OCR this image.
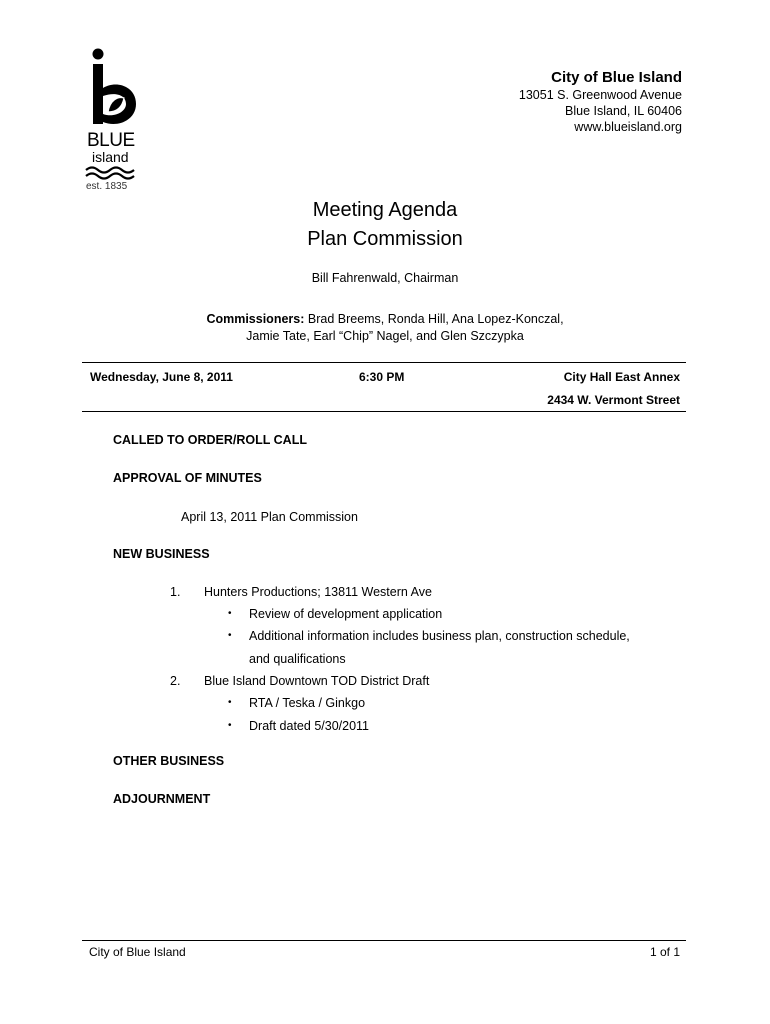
BLUE
island
est. 1835
City of Blue Island
13051 S. Greenwood Avenue
Blue Island, IL 60406
www.blueisland.org
Meeting Agenda
Plan Commission
Bill Fahrenwald, Chairman
Commissioners: Brad Breems, Ronda Hill, Ana Lopez-Konczal,
Jamie Tate, Earl “Chip” Nagel, and Glen Szczypka
Wednesday, June 8, 2011	6:30 PM	City Hall East Annex
2434 W. Vermont Street
CALLED TO ORDER/ROLL CALL
APPROVAL OF MINUTES
April 13, 2011 Plan Commission
NEW BUSINESS
1. Hunters Productions; 13811 Western Ave
• Review of development application
• Additional information includes business plan, construction schedule,
and qualifications
2. Blue Island Downtown TOD District Draft
• RTA / Teska / Ginkgo
• Draft dated 5/30/2011
OTHER BUSINESS
ADJOURNMENT
City of Blue Island	1 of 1
